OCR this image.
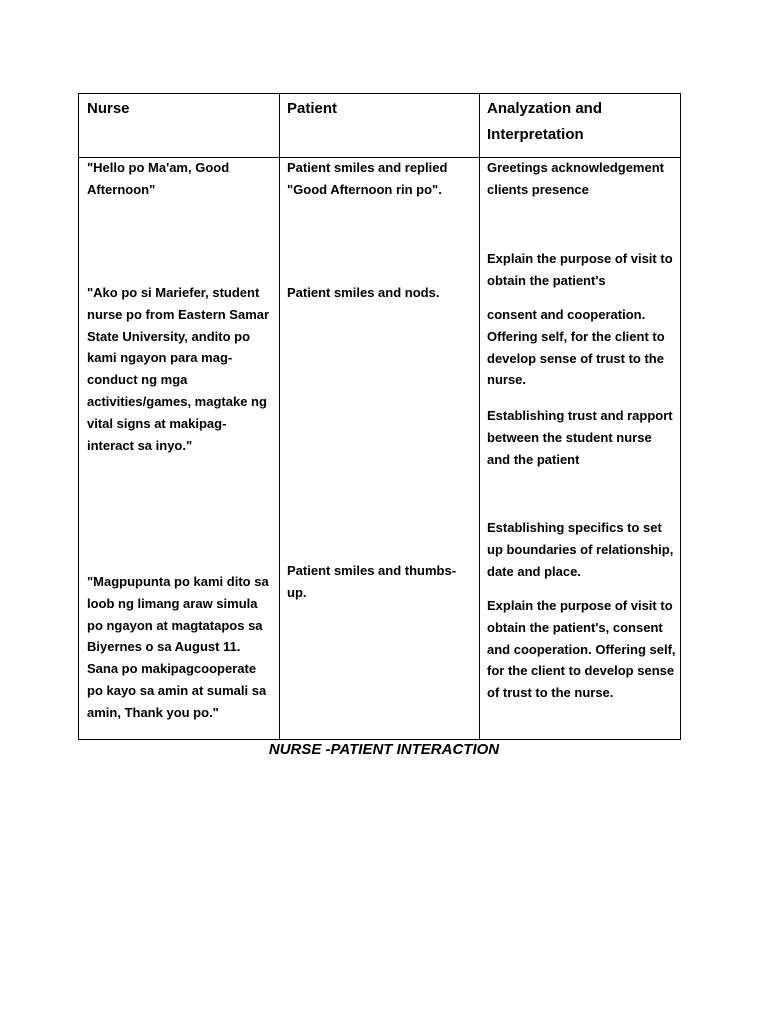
Nurse	Patient	Analyzation and Interpretation

"Hello po Ma'am, Good Afternoon"

"Ako po si Mariefer, student nurse po from Eastern Samar State University, andito po kami ngayon para mag-conduct ng mga activities/games, magtake ng vital signs at makipag-interact sa inyo."

"Magpupunta po kami dito sa loob ng limang araw simula po ngayon at magtatapos sa Biyernes o sa August 11. Sana po makipagcooperate po kayo sa amin at sumali sa amin, Thank you po."

Patient smiles and replied "Good Afternoon rin po".

Patient smiles and nods.

Patient smiles and thumbs-up.

Greetings acknowledgement clients presence

Explain the purpose of visit to obtain the patient's

consent and cooperation. Offering self, for the client to develop sense of trust to the nurse.

Establishing trust and rapport between the student nurse and the patient

Establishing specifics to set up boundaries of relationship, date and place.

Explain the purpose of visit to obtain the patient's, consent and cooperation. Offering self, for the client to develop sense of trust to the nurse.

NURSE -PATIENT INTERACTION
